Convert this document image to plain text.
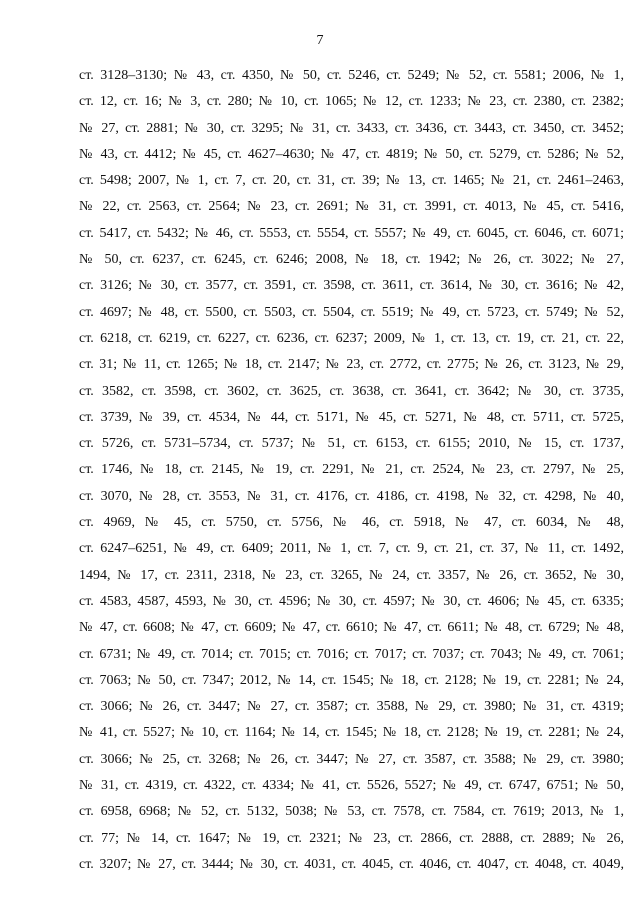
7
ст. 3128–3130; № 43, ст. 4350, № 50, ст. 5246, ст. 5249; № 52, ст. 5581; 2006, № 1,
ст. 12, ст. 16; № 3, ст. 280; № 10, ст. 1065; № 12, ст. 1233; № 23, ст. 2380, ст. 2382;
№ 27, ст. 2881; № 30, ст. 3295; № 31, ст. 3433, ст. 3436, ст. 3443, ст. 3450, ст. 3452;
№ 43, ст. 4412; № 45, ст. 4627–4630; № 47, ст. 4819; № 50, ст. 5279, ст. 5286; № 52,
ст. 5498; 2007, № 1, ст. 7, ст. 20, ст. 31, ст. 39; № 13, ст. 1465; № 21, ст. 2461–2463,
№ 22, ст. 2563, ст. 2564; № 23, ст. 2691; № 31, ст. 3991, ст. 4013, № 45, ст. 5416,
ст. 5417, ст. 5432; № 46, ст. 5553, ст. 5554, ст. 5557; № 49, ст. 6045, ст. 6046, ст. 6071;
№ 50, ст. 6237, ст. 6245, ст. 6246; 2008, № 18, ст. 1942; № 26, ст. 3022; № 27,
ст. 3126; № 30, ст. 3577, ст. 3591, ст. 3598, ст. 3611, ст. 3614, № 30, ст. 3616; № 42,
ст. 4697; № 48, ст. 5500, ст. 5503, ст. 5504, ст. 5519; № 49, ст. 5723, ст. 5749; № 52,
ст. 6218, ст. 6219, ст. 6227, ст. 6236, ст. 6237; 2009, № 1, ст. 13, ст. 19, ст. 21, ст. 22,
ст. 31; № 11, ст. 1265; № 18, ст. 2147; № 23, ст. 2772, ст. 2775; № 26, ст. 3123, № 29,
ст. 3582, ст. 3598, ст. 3602, ст. 3625, ст. 3638, ст. 3641, ст. 3642; № 30, ст. 3735,
ст. 3739, № 39, ст. 4534, № 44, ст. 5171, № 45, ст. 5271, № 48, ст. 5711, ст. 5725,
ст. 5726, ст. 5731–5734, ст. 5737; № 51, ст. 6153, ст. 6155; 2010, № 15, ст. 1737,
ст. 1746, № 18, ст. 2145, № 19, ст. 2291, № 21, ст. 2524, № 23, ст. 2797, № 25,
ст. 3070, № 28, ст. 3553, № 31, ст. 4176, ст. 4186, ст. 4198, № 32, ст. 4298, № 40,
ст. 4969, № 45, ст. 5750, ст. 5756, № 46, ст. 5918, № 47, ст. 6034, № 48,
ст. 6247–6251, № 49, ст. 6409; 2011, № 1, ст. 7, ст. 9, ст. 21, ст. 37, № 11, ст. 1492,
1494, № 17, ст. 2311, 2318, № 23, ст. 3265, № 24, ст. 3357, № 26, ст. 3652, № 30,
ст. 4583, 4587, 4593, № 30, ст. 4596; № 30, ст. 4597; № 30, ст. 4606; № 45, ст. 6335;
№ 47, ст. 6608; № 47, ст. 6609; № 47, ст. 6610; № 47, ст. 6611; № 48, ст. 6729; № 48,
ст. 6731; № 49, ст. 7014; ст. 7015; ст. 7016; ст. 7017; ст. 7037; ст. 7043; № 49, ст. 7061;
ст. 7063; № 50, ст. 7347; 2012, № 14, ст. 1545; № 18, ст. 2128; № 19, ст. 2281; № 24,
ст. 3066; № 26, ст. 3447; № 27, ст. 3587; ст. 3588, № 29, ст. 3980; № 31, ст. 4319;
№ 41, ст. 5527; № 10, ст. 1164; № 14, ст. 1545; № 18, ст. 2128; № 19, ст. 2281; № 24,
ст. 3066; № 25, ст. 3268; № 26, ст. 3447; № 27, ст. 3587, ст. 3588; № 29, ст. 3980;
№ 31, ст. 4319, ст. 4322, ст. 4334; № 41, ст. 5526, 5527; № 49, ст. 6747, 6751; № 50,
ст. 6958, 6968; № 52, ст. 5132, 5038; № 53, ст. 7578, ст. 7584, ст. 7619; 2013, № 1,
ст. 77; № 14, ст. 1647; № 19, ст. 2321; № 23, ст. 2866, ст. 2888, ст. 2889; № 26,
ст. 3207; № 27, ст. 3444; № 30, ст. 4031, ст. 4045, ст. 4046, ст. 4047, ст. 4048, ст. 4049,
